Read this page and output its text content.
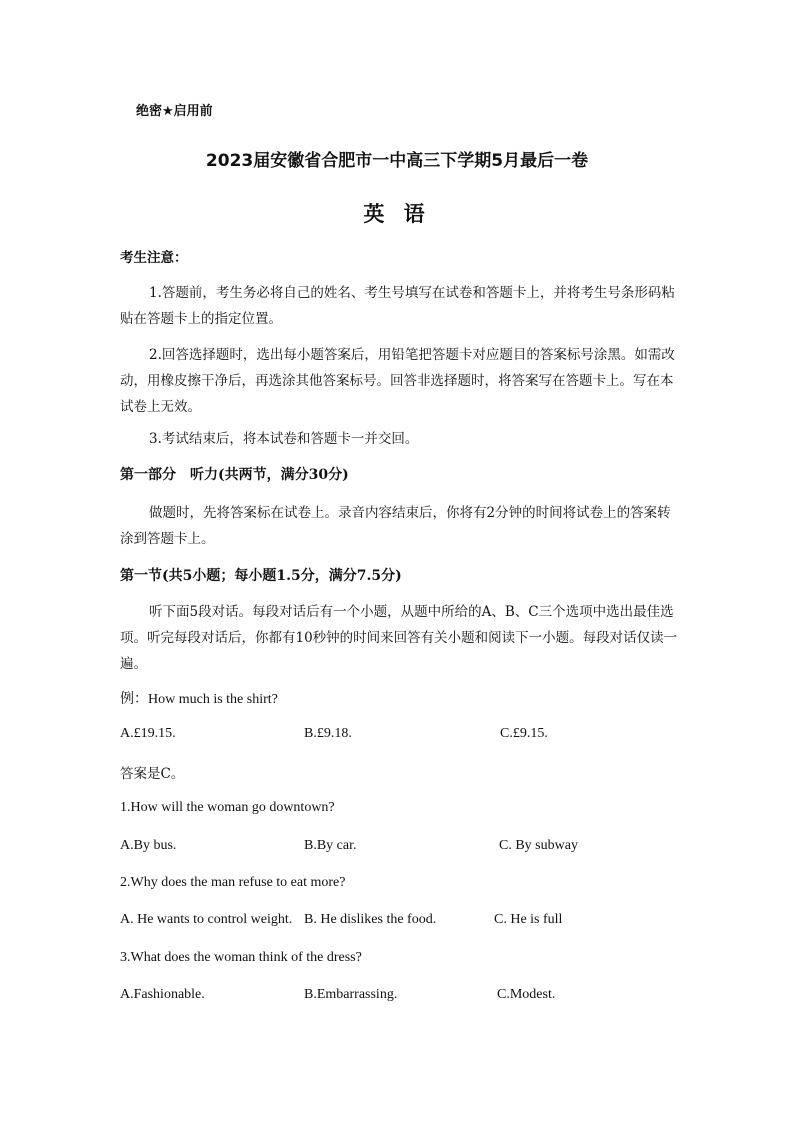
绝密★启用前
2023届安徽省合肥市一中高三下学期5月最后一卷
英 语
考生注意：
1.答题前，考生务必将自己的姓名、考生号填写在试卷和答题卡上，并将考生号条形码粘贴在答题卡上的指定位置。
2.回答选择题时，选出每小题答案后，用铅笔把答题卡对应题目的答案标号涂黑。如需改动，用橡皮擦干净后，再选涂其他答案标号。回答非选择题时，将答案写在答题卡上。写在本试卷上无效。
3.考试结束后，将本试卷和答题卡一并交回。
第一部分　听力(共两节，满分30分)
做题时，先将答案标在试卷上。录音内容结束后，你将有2分钟的时间将试卷上的答案转涂到答题卡上。
第一节(共5小题；每小题1.5分，满分7.5分)
听下面5段对话。每段对话后有一个小题，从题中所给的A、B、C三个选项中选出最佳选项。听完每段对话后，你都有10秒钟的时间来回答有关小题和阅读下一小题。每段对话仅读一遍。
例：How much is the shirt?
A.£19.15.	B.£9.18.	C.£9.15.
答案是C。
1.How will the woman go downtown?
A.By bus.	B.By car.	C. By subway
2.Why does the man refuse to eat more?
A. He wants to control weight. B. He dislikes the food.	C. He is full
3.What does the woman think of the dress?
A.Fashionable.	B.Embarrassing.	C.Modest.
